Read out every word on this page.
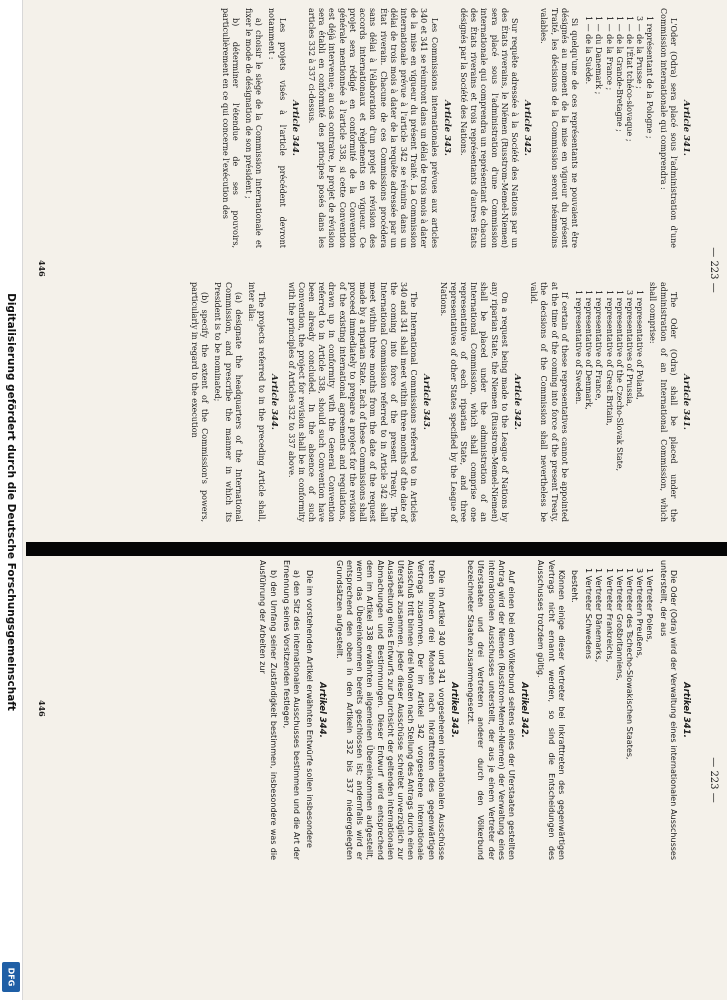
Digitalisierung gefördert durch die Deutsche Forschungsgemeinschaft
DFG
— 223 —
Article 341.

L'Oder (Odra) sera placé sous l'administration d'une Commission internationale qui comprendra :

1 représentant de la Pologne ;
3 — de la Prusse ;
1 — de l'État tchéco-slovaque ;
1 — de la Grande-Bretagne ;
1 — de la France ;
1 — du Danemark ;
1 — de la Suède.

Si quelqu'une de ces représentants ne pouvaient être désignés au moment de la mise en vigueur du présent Traité, les décisions de la Commission seront néanmoins valables.

Article 342.

Sur requête adressée à la Société des Nations par un des États riverains, le Niémen (Russtrom-Memel-Niemen) sera placé sous l'administration d'une Commission internationale qui comprendra un représentant de chacun des États riverains et trois représentants d'autres États désignés par la Société des Nations.

Article 343.

Les Commissions internationales prévues aux articles 340 et 341 se réuniront dans un délai de trois mois à dater de la mise en vigueur du présent Traité. La Commission internationale prévue à l'article 342 se réunira dans un délai de trois mois à dater de la requête adressée par un État riverain. Chacune de ces Commissions procédera sans délai à l'élaboration d'un projet de révision des accords internationaux et règlements en vigueur. Ce projet sera rédigé en conformité de la Convention générale mentionnée à l'article 338, si cette Convention est déjà intervenue; au cas contraire, le projet de révision sera établi en conformité des principes posés dans les articles 332 à 337 ci-dessus.

Article 344.

Les projets visés à l'article précédent devront notamment :

a) choisir le siège de la Commission internationale et fixer le mode de désignation de son président ;

b) déterminer l'étendue de ses pouvoirs, particulièrement en ce qui concerne l'exécution des

Article 341.

The Oder (Odra) shall be placed under the administration of an International Commission, which shall comprise:

1 representative of Poland,
3 representatives of Prussia,
1 representative of the Czecho-Slovak State,
1 representative of Great Britain,
1 representative of France,
1 representative of Denmark,
1 representative of Sweden.

If certain of these representatives cannot be appointed at the time of the coming into force of the present Treaty, the decisions of the Commission shall nevertheless be valid.

Article 342.

On a request being made to the League of Nations by any riparian State, the Niemen (Russtrom-Memel-Niemen) shall be placed under the administration of an International Commission, which shall comprise one representative of each riparian State, and three representatives of other States specified by the League of Nations.

Article 343.

The International Commissions referred to in Articles 340 and 341 shall meet within three months of the date of the coming into force of the present Treaty. The International Commission referred to in Article 342 shall meet within three months from the date of the request made by a riparian State. Each of these Commissions shall proceed immediately to prepare a project for the revision of the existing international agreements and regulations, drawn up in conformity with the General Convention referred to in Article 338, should such Convention have been already concluded. In the absence of such Convention, the project for revision shall be in conformity with the principles of Articles 332 to 337 above.

Article 344.

The projects referred to in the preceding Article shall, inter alia:

(a) designate the headquarters of the International Commission, and prescribe the manner in which its President is to be nominated;

(b) specify the extent of the Commission's powers, particularly in regard to the execution

446
— 223 —
Artikel 341.

Die Oder (Odra) wird der Verwaltung eines internationalen Ausschusses unterstellt, der aus

1 Vertreter Polens,
3 Vertretern Preußens,
1 Vertreter des Tschecho-Slowakischen Staates,
1 Vertreter Großbritanniens,
1 Vertreter Frankreichs,
1 Vertreter Dänemarks,
1 Vertreter Schwedens

besteht.

Können einige dieser Vertreter bei Inkrafttreten des gegenwärtigen Vertrags nicht ernannt werden, so sind die Entscheidungen des Ausschusses trotzdem gültig.

Artikel 342.

Auf einen bei dem Völkerbund seitens eines der Uferstaaten gestellten Antrag wird der Niemen (Russtrom-Memel-Niemen) der Verwaltung eines internationalen Ausschusses unterstellt, der aus je einem Vertreter der Uferstaaten und drei Vertretern anderer durch den Völkerbund bezeichneter Staaten zusammengesetzt.

Artikel 343.

Die im Artikel 340 und 341 vorgesehenen internationalen Ausschüsse treten binnen drei Monaten nach Inkrafttreten des gegenwärtigen Vertrags zusammen. Der im Artikel 342 vorgesehene internationale Ausschuß tritt binnen drei Monaten nach Stellung des Antrags durch einen Uferstaat zusammen. Jeder dieser Ausschüsse schreitet unverzüglich zur Ausarbeitung eines Entwurfs zur Durchsicht der geltenden internationalen Abmachungen und Bestimmungen. Dieser Entwurf wird entsprechend dem im Artikel 338 erwähnten allgemeinen Übereinkommen aufgestellt, wenn das Übereinkommen bereits geschlossen ist; andernfalls wird er entsprechend den oben in den Artikeln 332 bis 337 niedergelegten Grundsätzen aufgestellt.

Artikel 344.

Die im vorstehenden Artikel erwähnten Entwürfe sollen insbesondere

a) den Sitz des internationalen Ausschusses bestimmen und die Art der Ernennung seines Vorsitzenden festlegen,

b) den Umfang seiner Zuständigkeit bestimmen, insbesondere was die Ausführung der Arbeiten zur

446
